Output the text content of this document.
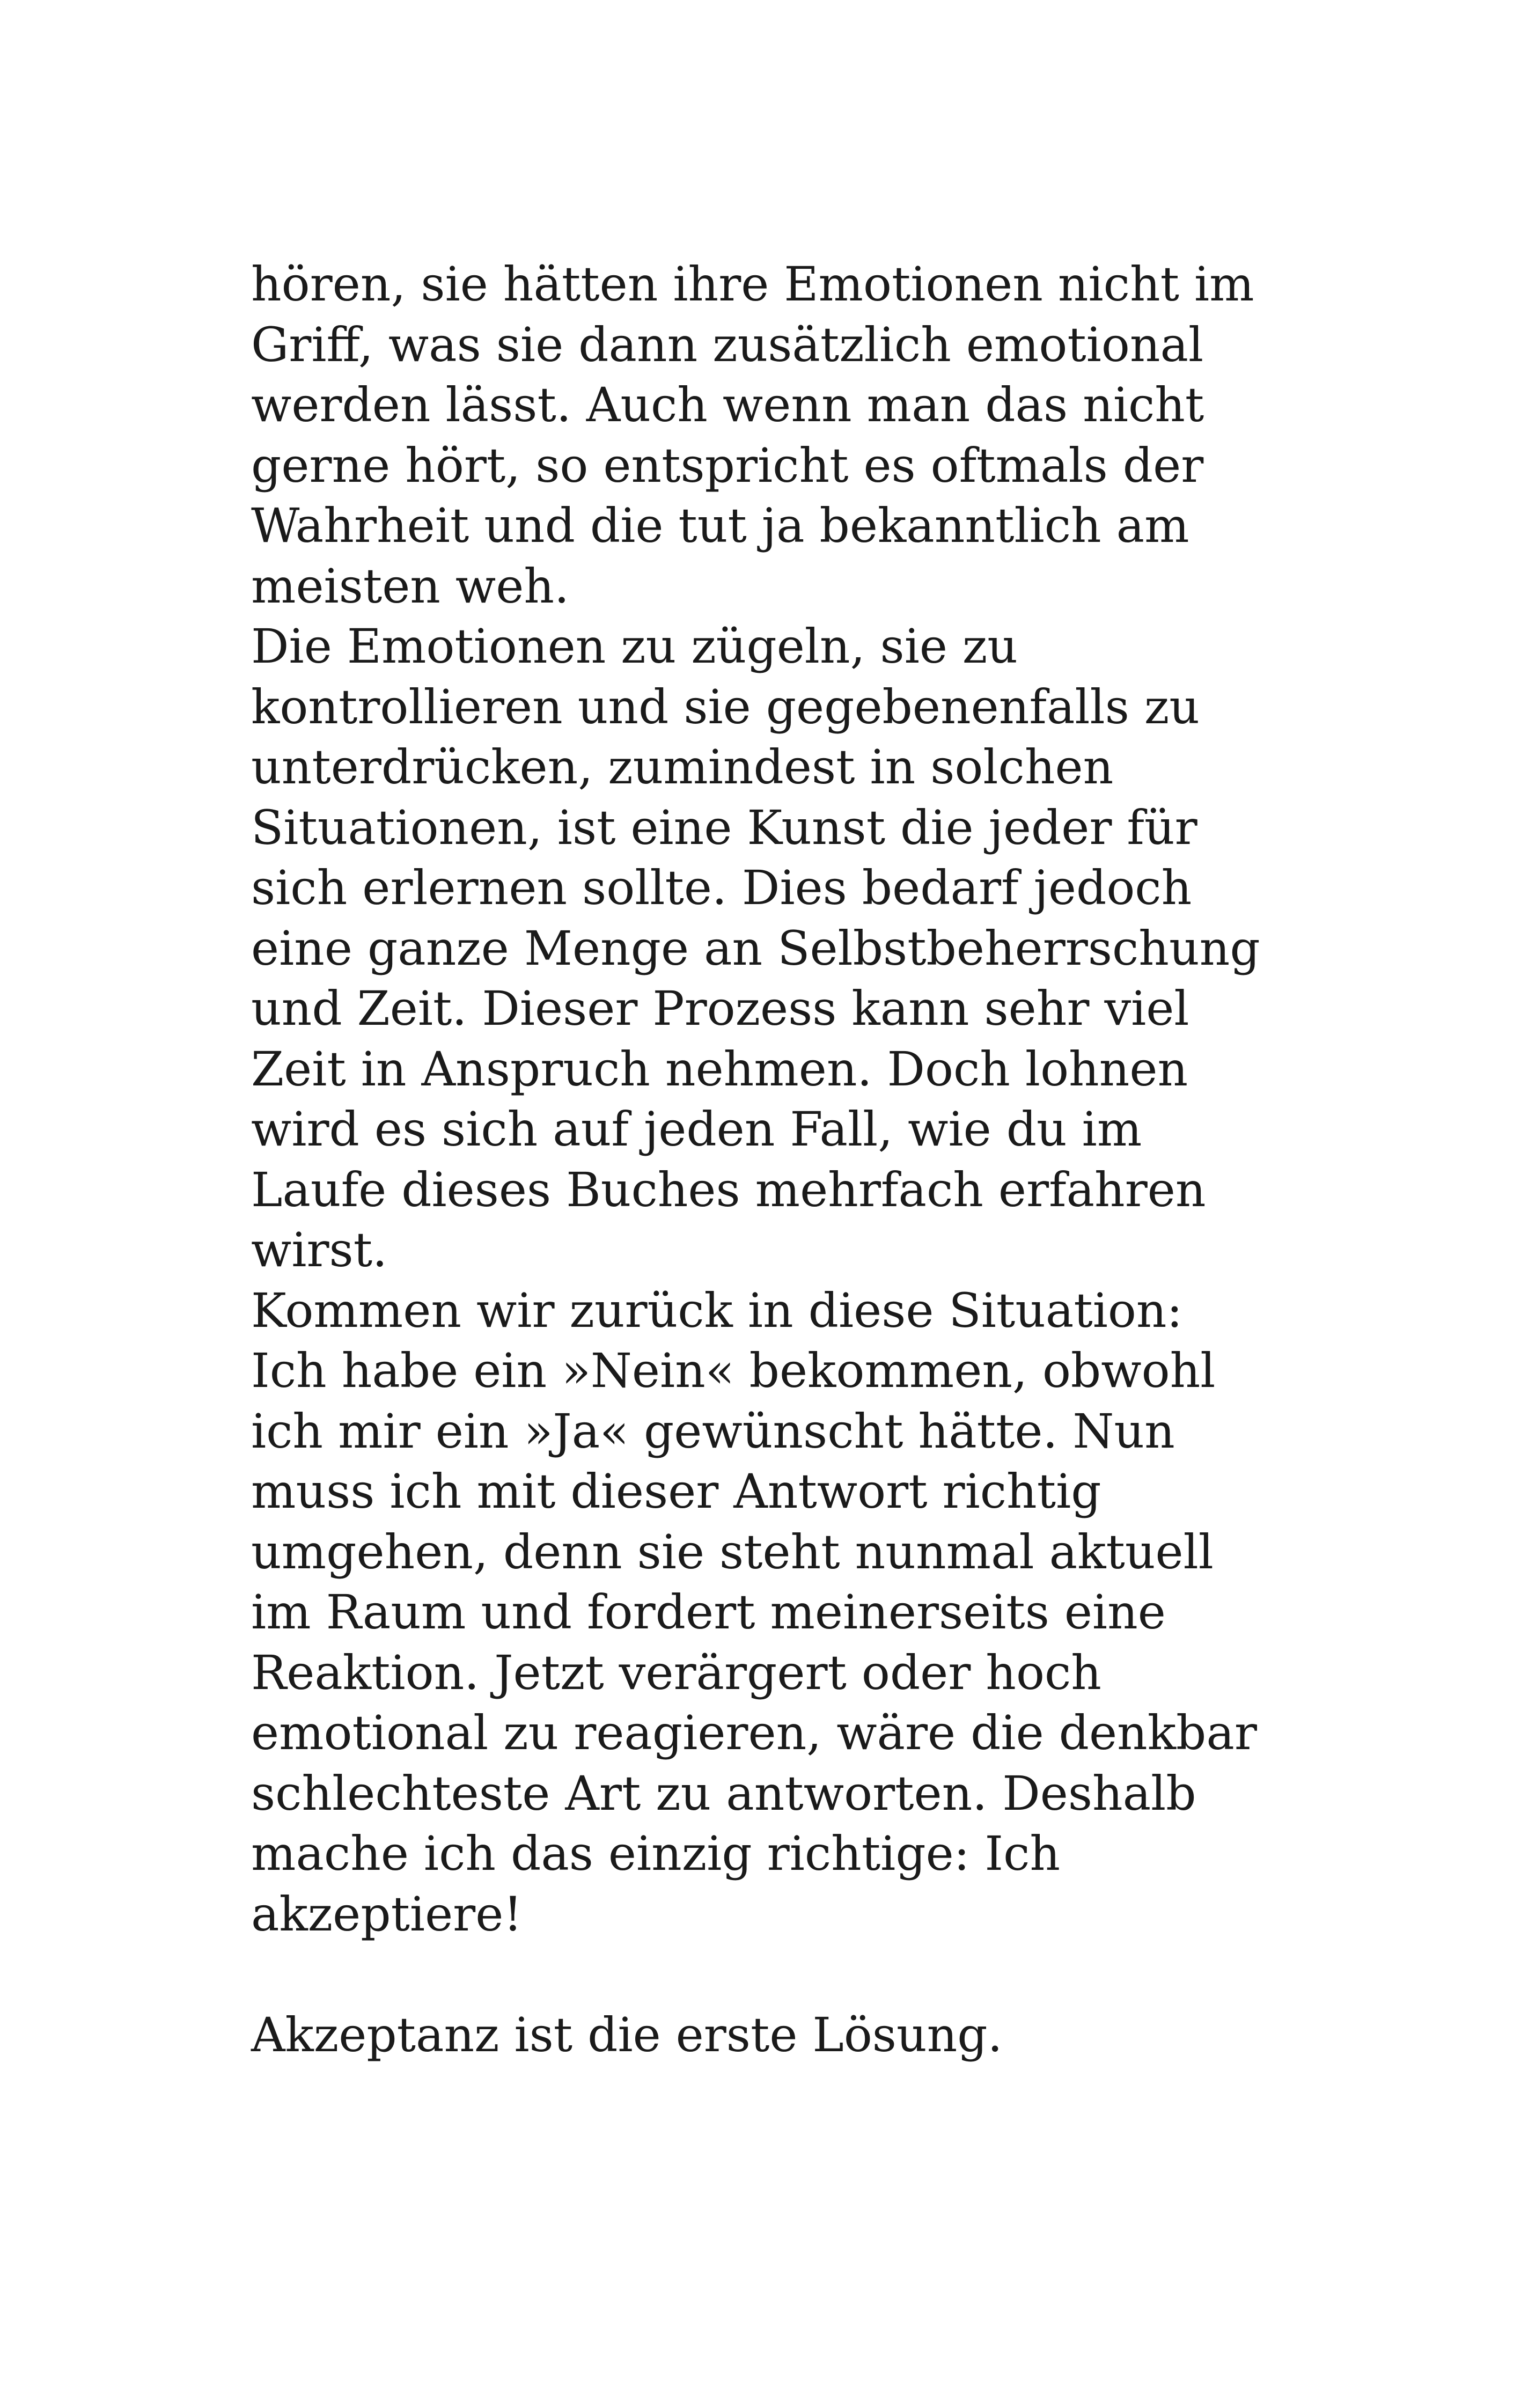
hören, sie hätten ihre Emotionen nicht im
Griff, was sie dann zusätzlich emotional
werden lässt. Auch wenn man das nicht
gerne hört, so entspricht es oftmals der
Wahrheit und die tut ja bekanntlich am
meisten weh.
Die Emotionen zu zügeln, sie zu
kontrollieren und sie gegebenenfalls zu
unterdrücken, zumindest in solchen
Situationen, ist eine Kunst die jeder für
sich erlernen sollte. Dies bedarf jedoch
eine ganze Menge an Selbstbeherrschung
und Zeit. Dieser Prozess kann sehr viel
Zeit in Anspruch nehmen. Doch lohnen
wird es sich auf jeden Fall, wie du im
Laufe dieses Buches mehrfach erfahren
wirst.
Kommen wir zurück in diese Situation:
Ich habe ein »Nein« bekommen, obwohl
ich mir ein »Ja« gewünscht hätte. Nun
muss ich mit dieser Antwort richtig
umgehen, denn sie steht nunmal aktuell
im Raum und fordert meinerseits eine
Reaktion. Jetzt verärgert oder hoch
emotional zu reagieren, wäre die denkbar
schlechteste Art zu antworten. Deshalb
mache ich das einzig richtige: Ich
akzeptiere!
Akzeptanz ist die erste Lösung.
